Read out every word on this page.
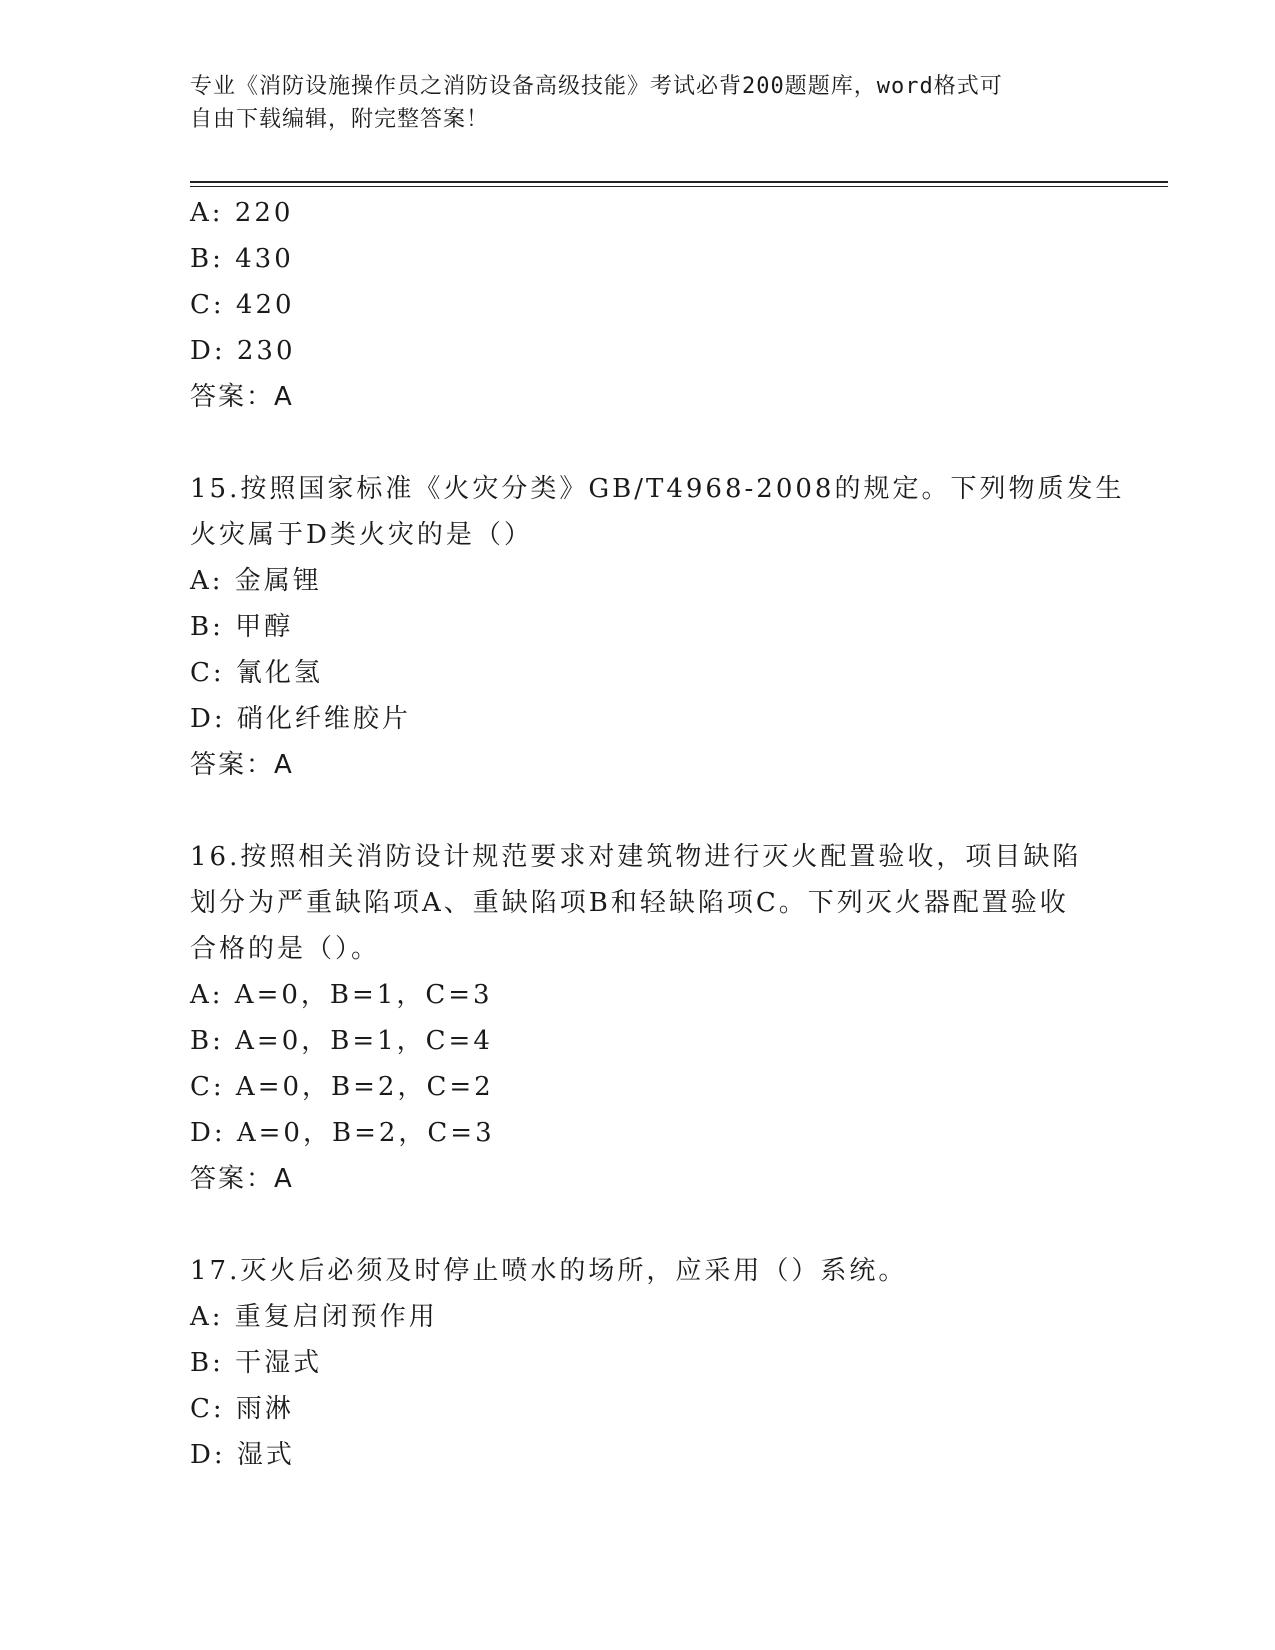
专业《消防设施操作员之消防设备高级技能》考试必背200题题库，word格式可
自由下载编辑，附完整答案！
A: 220
B: 430
C: 420
D: 230
答案：A
15.按照国家标准《火灾分类》GB/T4968-2008的规定。下列物质发生
火灾属于D类火灾的是（）
A: 金属锂
B: 甲醇
C: 氰化氢
D: 硝化纤维胶片
答案：A
16.按照相关消防设计规范要求对建筑物进行灭火配置验收，项目缺陷
划分为严重缺陷项A、重缺陷项B和轻缺陷项C。下列灭火器配置验收
合格的是（）。
A: A=0，B=1，C=3
B: A=0，B=1，C=4
C: A=0，B=2，C=2
D: A=0，B=2，C=3
答案：A
17.灭火后必须及时停止喷水的场所，应采用（）系统。
A: 重复启闭预作用
B: 干湿式
C: 雨淋
D: 湿式
